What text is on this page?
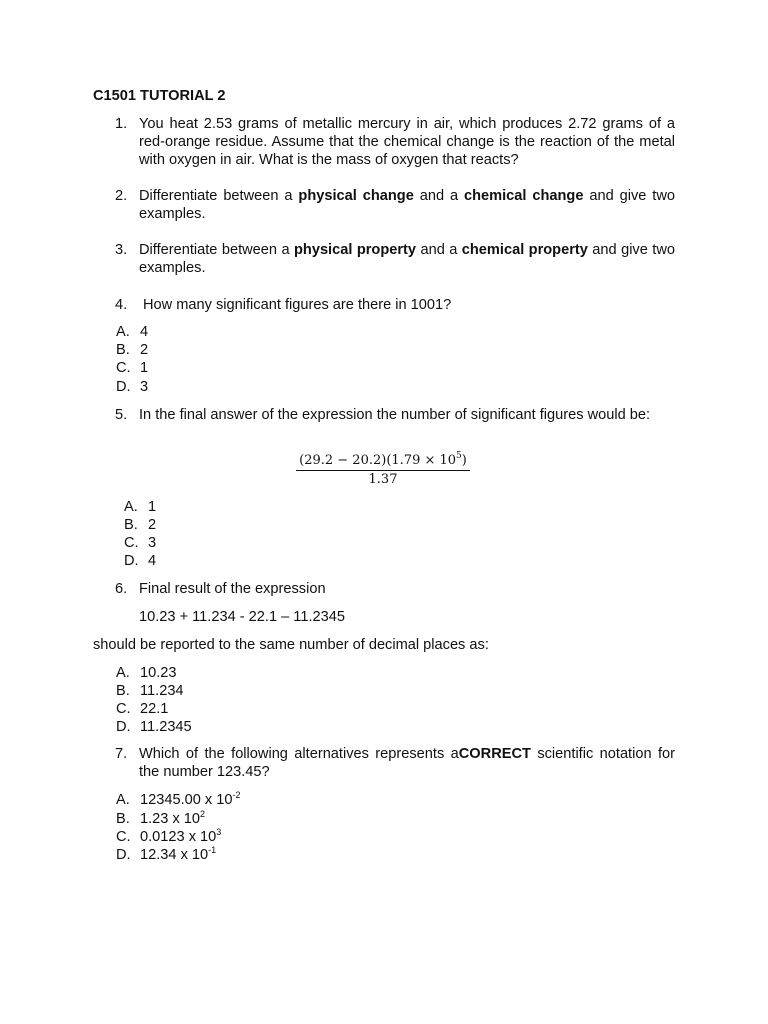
C1501 TUTORIAL 2
1. You heat 2.53 grams of metallic mercury in air, which produces 2.72 grams of a red-orange residue. Assume that the chemical change is the reaction of the metal with oxygen in air. What is the mass of oxygen that reacts?
2. Differentiate between a physical change and a chemical change and give two examples.
3. Differentiate between a physical property and a chemical property and give two examples.
4. How many significant figures are there in 1001?
A. 4
B. 2
C. 1
D. 3
5. In the final answer of the expression the number of significant figures would be:
$(29.2 - 20.2)(1.79 \times 10^5)$
1.37
A. 1
B. 2
C. 3
D. 4
6. Final result of the expression
10.23 + 11.234 - 22.1 – 11.2345
should be reported to the same number of decimal places as:
A. 10.23
B. 11.234
C. 22.1
D. 11.2345
7. Which of the following alternatives represents aCORRECT scientific notation for the number 123.45?
A. 12345.00 x $10^{-2}$
B. 1.23 x $10^2$
C. 0.0123 x $10^3$
D. 12.34 x $10^{-1}$
